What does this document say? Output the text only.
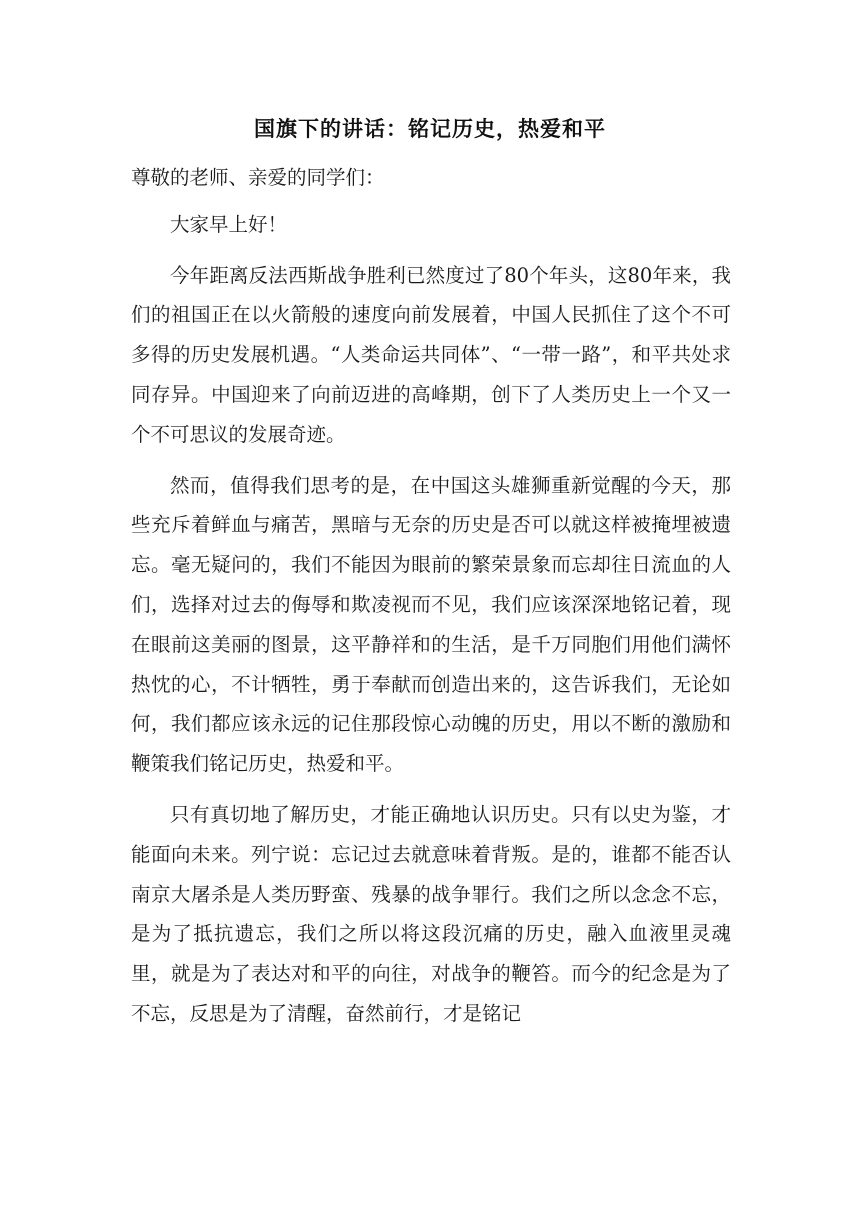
国旗下的讲话：铭记历史，热爱和平

尊敬的老师、亲爱的同学们：

大家早上好！

今年距离反法西斯战争胜利已然度过了80个年头，这80年来，我们的祖国正在以火箭般的速度向前发展着，中国人民抓住了这个不可多得的历史发展机遇。“人类命运共同体”、“一带一路”，和平共处求同存异。中国迎来了向前迈进的高峰期，创下了人类历史上一个又一个不可思议的发展奇迹。

然而，值得我们思考的是，在中国这头雄狮重新觉醒的今天，那些充斥着鲜血与痛苦，黑暗与无奈的历史是否可以就这样被掩埋被遗忘。毫无疑问的，我们不能因为眼前的繁荣景象而忘却往日流血的人们，选择对过去的侮辱和欺凌视而不见，我们应该深深地铭记着，现在眼前这美丽的图景，这平静祥和的生活，是千万同胞们用他们满怀热忱的心，不计牺牲，勇于奉献而创造出来的，这告诉我们，无论如何，我们都应该永远的记住那段惊心动魄的历史，用以不断的激励和鞭策我们铭记历史，热爱和平。

只有真切地了解历史，才能正确地认识历史。只有以史为鉴，才能面向未来。列宁说：忘记过去就意味着背叛。是的，谁都不能否认南京大屠杀是人类历野蛮、残暴的战争罪行。我们之所以念念不忘，是为了抵抗遗忘，我们之所以将这段沉痛的历史，融入血液里灵魂里，就是为了表达对和平的向往，对战争的鞭笞。而今的纪念是为了不忘，反思是为了清醒，奋然前行，才是铭记
